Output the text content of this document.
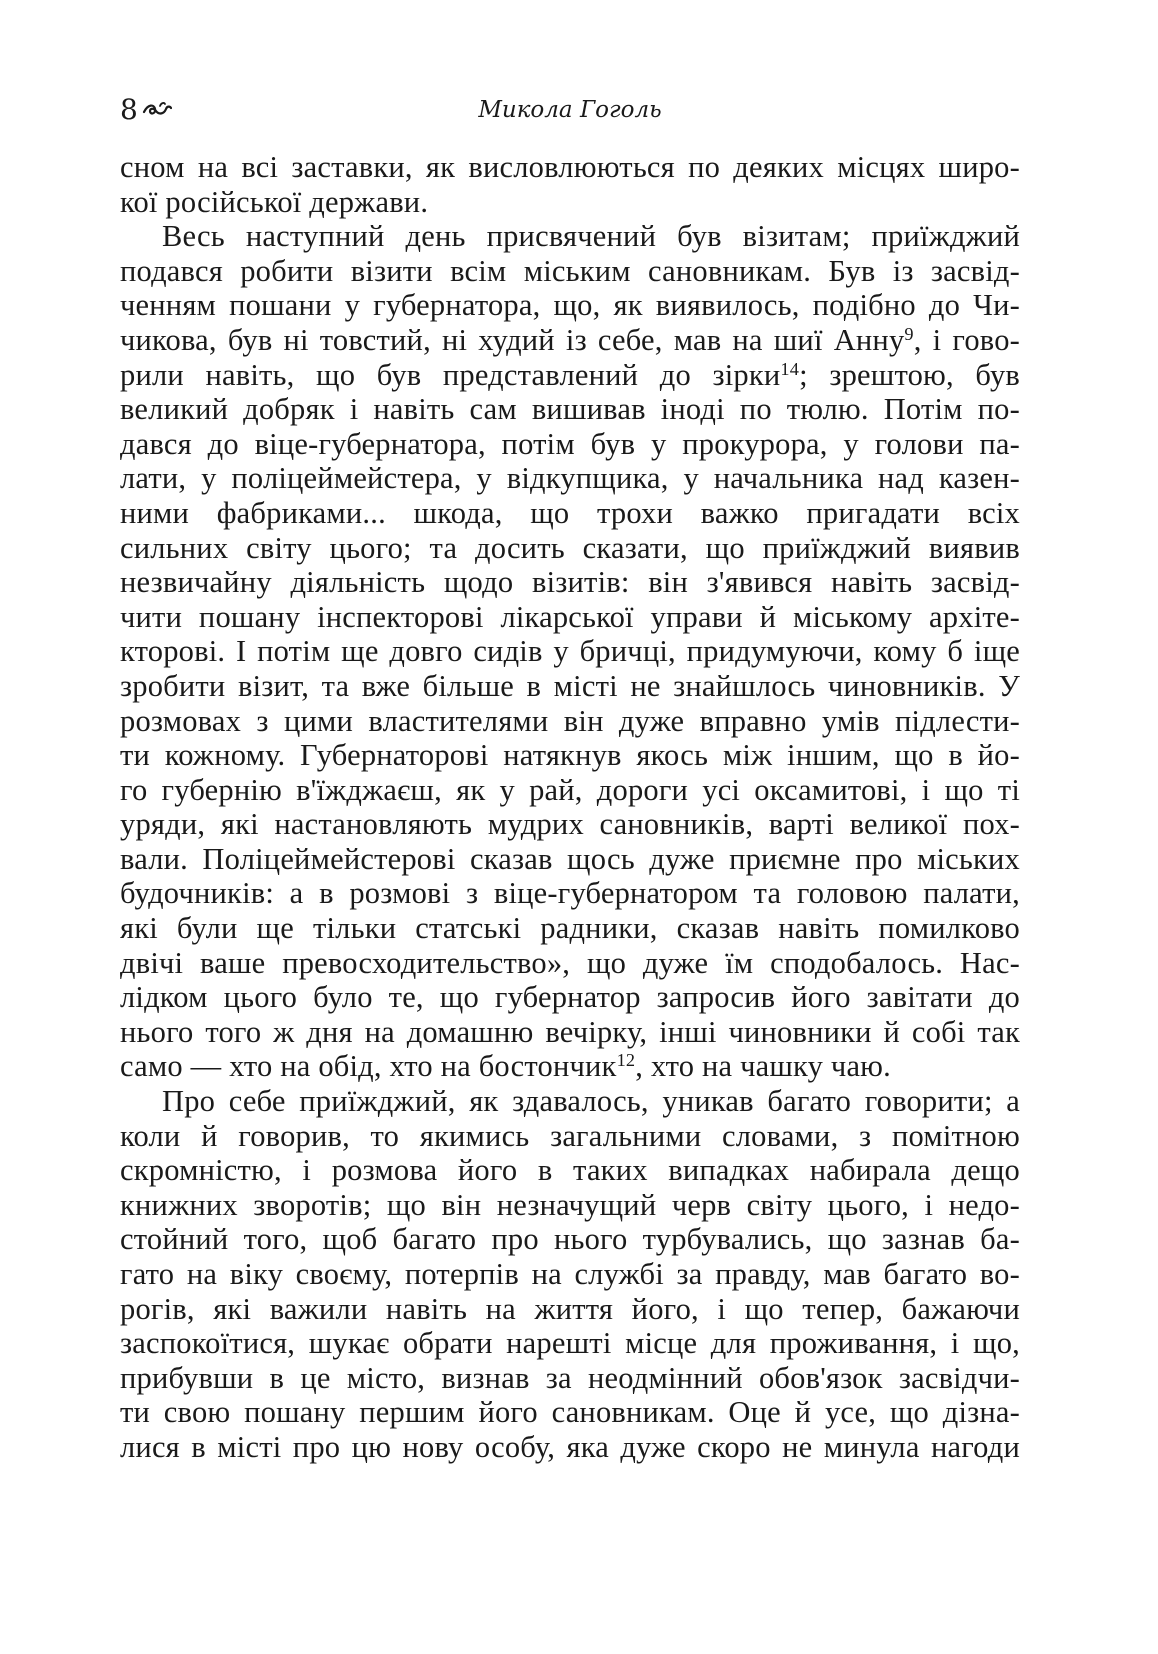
8	Микола Гоголь
сном на всі заставки, як висловлюються по деяких місцях широ-
кої російської держави.
Весь наступний день присвячений був візитам; приїжджий
подався робити візити всім міським сановникам. Був із засвід-
ченням пошани у губернатора, що, як виявилось, подібно до Чи-
чикова, був ні товстий, ні худий із себе, мав на шиї Анну$^9$, і гово-
рили навіть, що був представлений до зірки$^{14}$; зрештою, був
великий добряк і навіть сам вишивав іноді по тюлю. Потім по-
дався до віце-губернатора, потім був у прокурора, у голови па-
лати, у поліцеймейстера, у відкупщика, у начальника над казен-
ними фабриками... шкода, що трохи важко пригадати всіх
сильних світу цього; та досить сказати, що приїжджий виявив
незвичайну діяльність щодо візитів: він з'явився навіть засвід-
чити пошану інспекторові лікарської управи й міському архіте-
кторові. І потім ще довго сидів у бричці, придумуючи, кому б іще
зробити візит, та вже більше в місті не знайшлось чиновників. У
розмовах з цими властителями він дуже вправно умів підлести-
ти кожному. Губернаторові натякнув якось між іншим, що в йо-
го губернію в'їжджаєш, як у рай, дороги усі оксамитові, і що ті
уряди, які настановляють мудрих сановників, варті великої пох-
вали. Поліцеймейстерові сказав щось дуже приємне про міських
будочників: а в розмові з віце-губернатором та головою палати,
які були ще тільки статські радники, сказав навіть помилково
двічі ваше превосходительство», що дуже їм сподобалось. Нас-
лідком цього було те, що губернатор запросив його завітати до
нього того ж дня на домашню вечірку, інші чиновники й собі так
само — хто на обід, хто на бостончик$^{12}$, хто на чашку чаю.
Про себе приїжджий, як здавалось, уникав багато говорити; а
коли й говорив, то якимись загальними словами, з помітною
скромністю, і розмова його в таких випадках набирала дещо
книжних зворотів; що він незначущий черв світу цього, і недо-
стойний того, щоб багато про нього турбувались, що зазнав ба-
гато на віку своєму, потерпів на службі за правду, мав багато во-
рогів, які важили навіть на життя його, і що тепер, бажаючи
заспокоїтися, шукає обрати нарешті місце для проживання, і що,
прибувши в це місто, визнав за неодмінний обов'язок засвідчи-
ти свою пошану першим його сановникам. Оце й усе, що дізна-
лися в місті про цю нову особу, яка дуже скоро не минула нагоди
